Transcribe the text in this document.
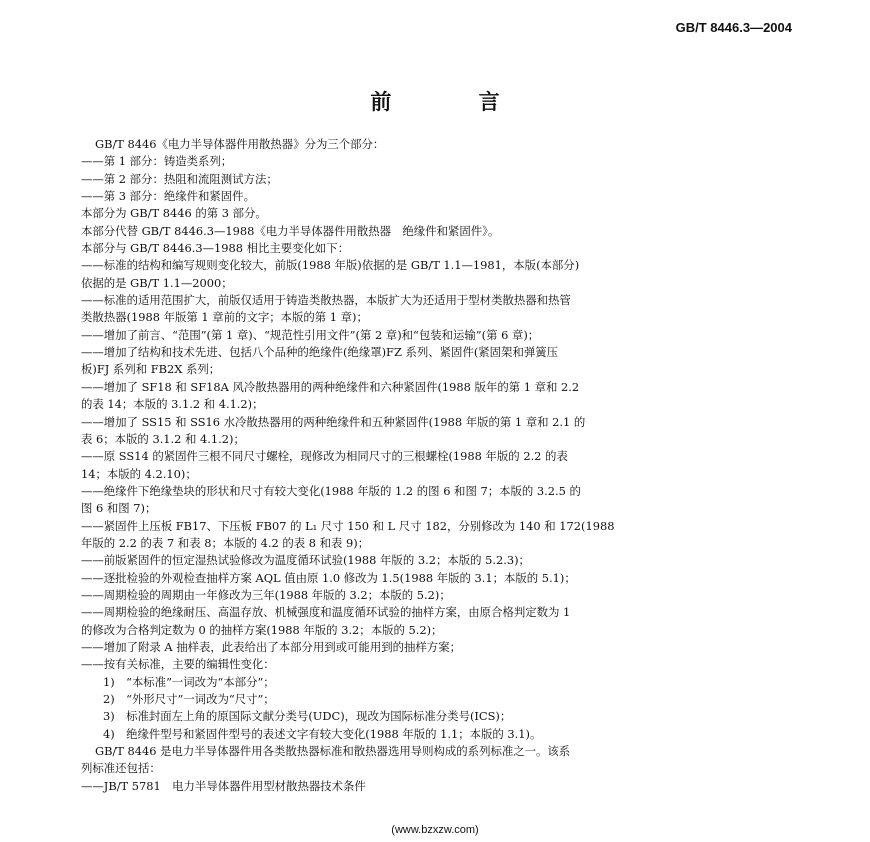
GB/T 8446.3—2004
前 言
GB/T 8446《电力半导体器件用散热器》分为三个部分：
——第 1 部分：铸造类系列；
——第 2 部分：热阻和流阻测试方法；
——第 3 部分：绝缘件和紧固件。
本部分为 GB/T 8446 的第 3 部分。
本部分代替 GB/T 8446.3—1988《电力半导体器件用散热器　绝缘件和紧固件》。
本部分与 GB/T 8446.3—1988 相比主要变化如下：
——标准的结构和编写规则变化较大，前版(1988 年版)依据的是 GB/T 1.1—1981，本版(本部分)
依据的是 GB/T 1.1—2000；
——标准的适用范围扩大，前版仅适用于铸造类散热器，本版扩大为还适用于型材类散热器和热管
类散热器(1988 年版第 1 章前的文字；本版的第 1 章)；
——增加了前言、“范围”(第 1 章)、“规范性引用文件”(第 2 章)和“包装和运输”(第 6 章)；
——增加了结构和技术先进、包括八个品种的绝缘件(绝缘罩)FZ 系列、紧固件(紧固架和弹簧压
板)FJ 系列和 FB2X 系列；
——增加了 SF18 和 SF18A 风冷散热器用的两种绝缘件和六种紧固件(1988 版年的第 1 章和 2.2
的表 14；本版的 3.1.2 和 4.1.2)；
——增加了 SS15 和 SS16 水冷散热器用的两种绝缘件和五种紧固件(1988 年版的第 1 章和 2.1 的
表 6；本版的 3.1.2 和 4.1.2)；
——原 SS14 的紧固件三根不同尺寸螺栓，现修改为相同尺寸的三根螺栓(1988 年版的 2.2 的表
14；本版的 4.2.10)；
——绝缘件下绝缘垫块的形状和尺寸有较大变化(1988 年版的 1.2 的图 6 和图 7；本版的 3.2.5 的
图 6 和图 7)；
——紧固件上压板 FB17、下压板 FB07 的 L₁ 尺寸 150 和 L 尺寸 182，分别修改为 140 和 172(1988
年版的 2.2 的表 7 和表 8；本版的 4.2 的表 8 和表 9)；
——前版紧固件的恒定湿热试验修改为温度循环试验(1988 年版的 3.2；本版的 5.2.3)；
——逐批检验的外观检查抽样方案 AQL 值由原 1.0 修改为 1.5(1988 年版的 3.1；本版的 5.1)；
——周期检验的周期由一年修改为三年(1988 年版的 3.2；本版的 5.2)；
——周期检验的绝缘耐压、高温存放、机械强度和温度循环试验的抽样方案，由原合格判定数为 1
的修改为合格判定数为 0 的抽样方案(1988 年版的 3.2；本版的 5.2)；
——增加了附录 A 抽样表，此表给出了本部分用到或可能用到的抽样方案；
——按有关标准，主要的编辑性变化：
1)　“本标准”一词改为“本部分”；
2)　“外形尺寸”一词改为“尺寸”；
3)　标准封面左上角的原国际文献分类号(UDC)，现改为国际标准分类号(ICS)；
4)　绝缘件型号和紧固件型号的表述文字有较大变化(1988 年版的 1.1；本版的 3.1)。
GB/T 8446 是电力半导体器件用各类散热器标准和散热器选用导则构成的系列标准之一。该系
列标准还包括：
——JB/T 5781　电力半导体器件用型材散热器技术条件
(www.bzxzw.com)
